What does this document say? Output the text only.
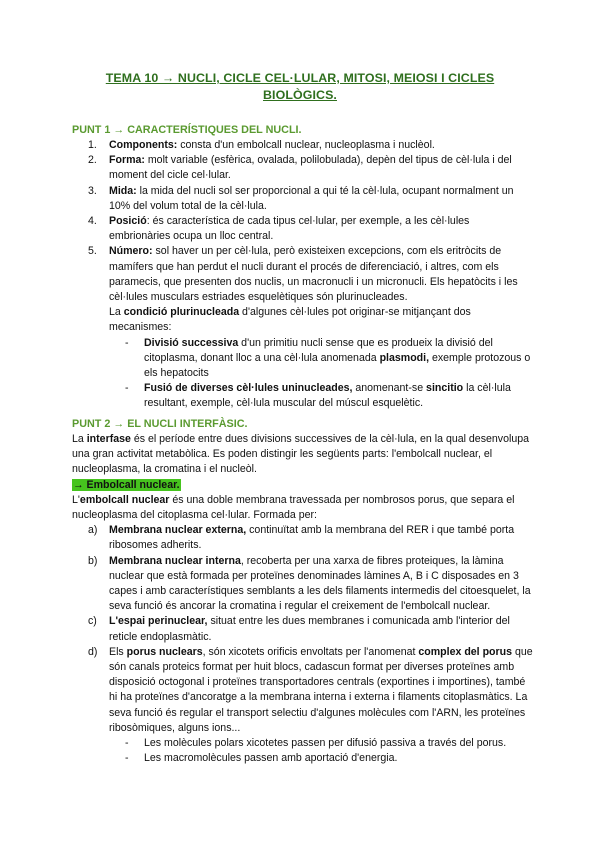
TEMA 10 → NUCLI, CICLE CEL·LULAR, MITOSI, MEIOSI I CICLES
BIOLÒGICS.
PUNT 1 → CARACTERÍSTIQUES DEL NUCLI.
1. Components: consta d'un embolcall nuclear, nucleoplasma i nuclèol.
2. Forma: molt variable (esfèrica, ovalada, polilobulada), depèn del tipus de cèl·lula i del moment del cicle cel·lular.
3. Mida: la mida del nucli sol ser proporcional a qui té la cèl·lula, ocupant normalment un 10% del volum total de la cèl·lula.
4. Posició: és característica de cada tipus cel·lular, per exemple, a les cèl·lules embrionàries ocupa un lloc central.
5. Número: sol haver un per cèl·lula, però existeixen excepcions, com els eritròcits de mamífers que han perdut el nucli durant el procés de diferenciació, i altres, com els paramecis, que presenten dos nuclis, un macronucli i un micronucli. Els hepatòcits i les cèl·lules musculars estriades esquelètiques són plurinucleades.
La condició plurinucleada d'algunes cèl·lules pot originar-se mitjançant dos mecanismes:
- Divisió successiva d'un primitiu nucli sense que es produeix la divisió del citoplasma, donant lloc a una cèl·lula anomenada plasmodi, exemple protozous o els hepatocits
- Fusió de diverses cèl·lules uninucleades, anomenant-se sincitio la cèl·lula resultant, exemple, cèl·lula muscular del múscul esquelètic.
PUNT 2 → EL NUCLI INTERFÀSIC.
La interfase és el període entre dues divisions successives de la cèl·lula, en la qual desenvolupa una gran activitat metabòlica. Es poden distingir les següents parts: l'embolcall nuclear, el nucleoplasma, la cromatina i el nucleòl.
→ Embolcall nuclear.
L'embolcall nuclear és una doble membrana travessada per nombrosos porus, que separa el nucleoplasma del citoplasma cel·lular. Formada per:
a) Membrana nuclear externa, continuïtat amb la membrana del RER i que també porta ribosomes adherits.
b) Membrana nuclear interna, recoberta per una xarxa de fibres proteiques, la làmina nuclear que està formada per proteïnes denominades làmines A, B i C disposades en 3 capes i amb característiques semblants a les dels filaments intermedis del citoesquelet, la seva funció és ancorar la cromatina i regular el creixement de l'embolcall nuclear.
c) L'espai perinuclear, situat entre les dues membranes i comunicada amb l'interior del reticle endoplasmàtic.
d) Els porus nuclears, són xicotets orificis envoltats per l'anomenat complex del porus que són canals proteics format per huit blocs, cadascun format per diverses proteïnes amb disposició octogonal i proteïnes transportadores centrals (exportines i importines), també hi ha proteïnes d'ancoratge a la membrana interna i externa i filaments citoplasmàtics. La seva funció és regular el transport selectiu d'algunes molècules com l'ARN, les proteïnes ribosòmiques, alguns ions...
- Les molècules polars xicotetes passen per difusió passiva a través del porus.
- Les macromolècules passen amb aportació d'energia.
